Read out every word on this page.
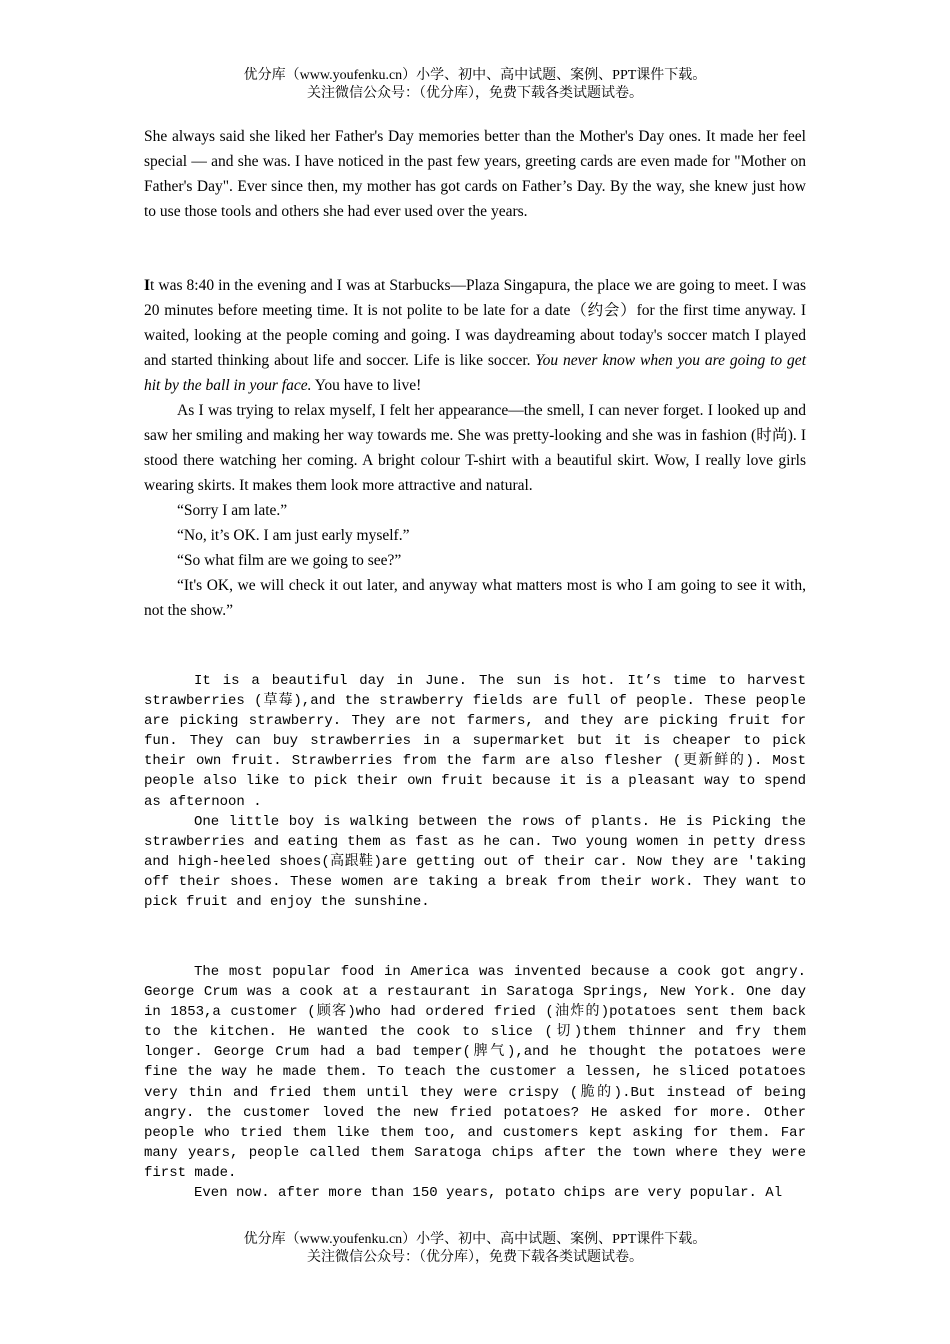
优分库（www.youfenku.cn）小学、初中、高中试题、案例、PPT课件下载。
关注微信公众号：（优分库），免费下载各类试题试卷。

She always said she liked her Father's Day memories better than the Mother's Day ones. It made her feel special — and she was. I have noticed in the past few years, greeting cards are even made for "Mother on Father's Day". Ever since then, my mother has got cards on Father’s Day. By the way, she knew just how to use those tools and others she had ever used over the years.

It was 8:40 in the evening and I was at Starbucks—Plaza Singapura, the place we are going to meet. I was 20 minutes before meeting time. It is not polite to be late for a date（约会）for the first time anyway. I waited, looking at the people coming and going. I was daydreaming about today's soccer match I played and started thinking about life and soccer. Life is like soccer. You never know when you are going to get hit by the ball in your face. You have to live!

As I was trying to relax myself, I felt her appearance—the smell, I can never forget. I looked up and saw her smiling and making her way towards me. She was pretty-looking and she was in fashion (时尚). I stood there watching her coming. A bright colour T-shirt with a beautiful skirt. Wow, I really love girls wearing skirts. It makes them look more attractive and natural.

“Sorry I am late.”

“No, it’s OK. I am just early myself.”

“So what film are we going to see?”

“It's OK, we will check it out later, and anyway what matters most is who I am going to see it with, not the show.”

It is a beautiful day in June. The sun is hot. It’s time to harvest strawberries (草莓),and the strawberry fields are full of people. These people are picking strawberry. They are not farmers, and they are picking fruit for fun. They can buy strawberries in a supermarket but it is cheaper to pick their own fruit. Strawberries from the farm are also flesher (更新鲜的). Most people also like to pick their own fruit because it is a pleasant way to spend as afternoon .

One little boy is walking between the rows of plants. He is Picking the strawberries and eating them as fast as he can. Two young women in petty dress and high-heeled shoes(高跟鞋)are getting out of their car. Now they are 'taking off their shoes. These women are taking a break from their work. They want to pick fruit and enjoy the sunshine.

The most popular food in America was invented because a cook got angry. George Crum was a cook at a restaurant in Saratoga Springs, New York. One day in 1853,a customer (顾客)who had ordered fried (油炸的)potatoes sent them back to the kitchen. He wanted the cook to slice (切)them thinner and fry them longer. George Crum had a bad temper(脾气),and he thought the potatoes were fine the way he made them. To teach the customer a lessen, he sliced potatoes very thin and fried them until they were crispy (脆的).But instead of being angry. the customer loved the new fried potatoes? He asked for more. Other people who tried them like them too, and customers kept asking for them. Far many years, people called them Saratoga chips after the town where they were first made.

Even now. after more than 150 years, potato chips are very popular. Al

优分库（www.youfenku.cn）小学、初中、高中试题、案例、PPT课件下载。
关注微信公众号：（优分库），免费下载各类试题试卷。
